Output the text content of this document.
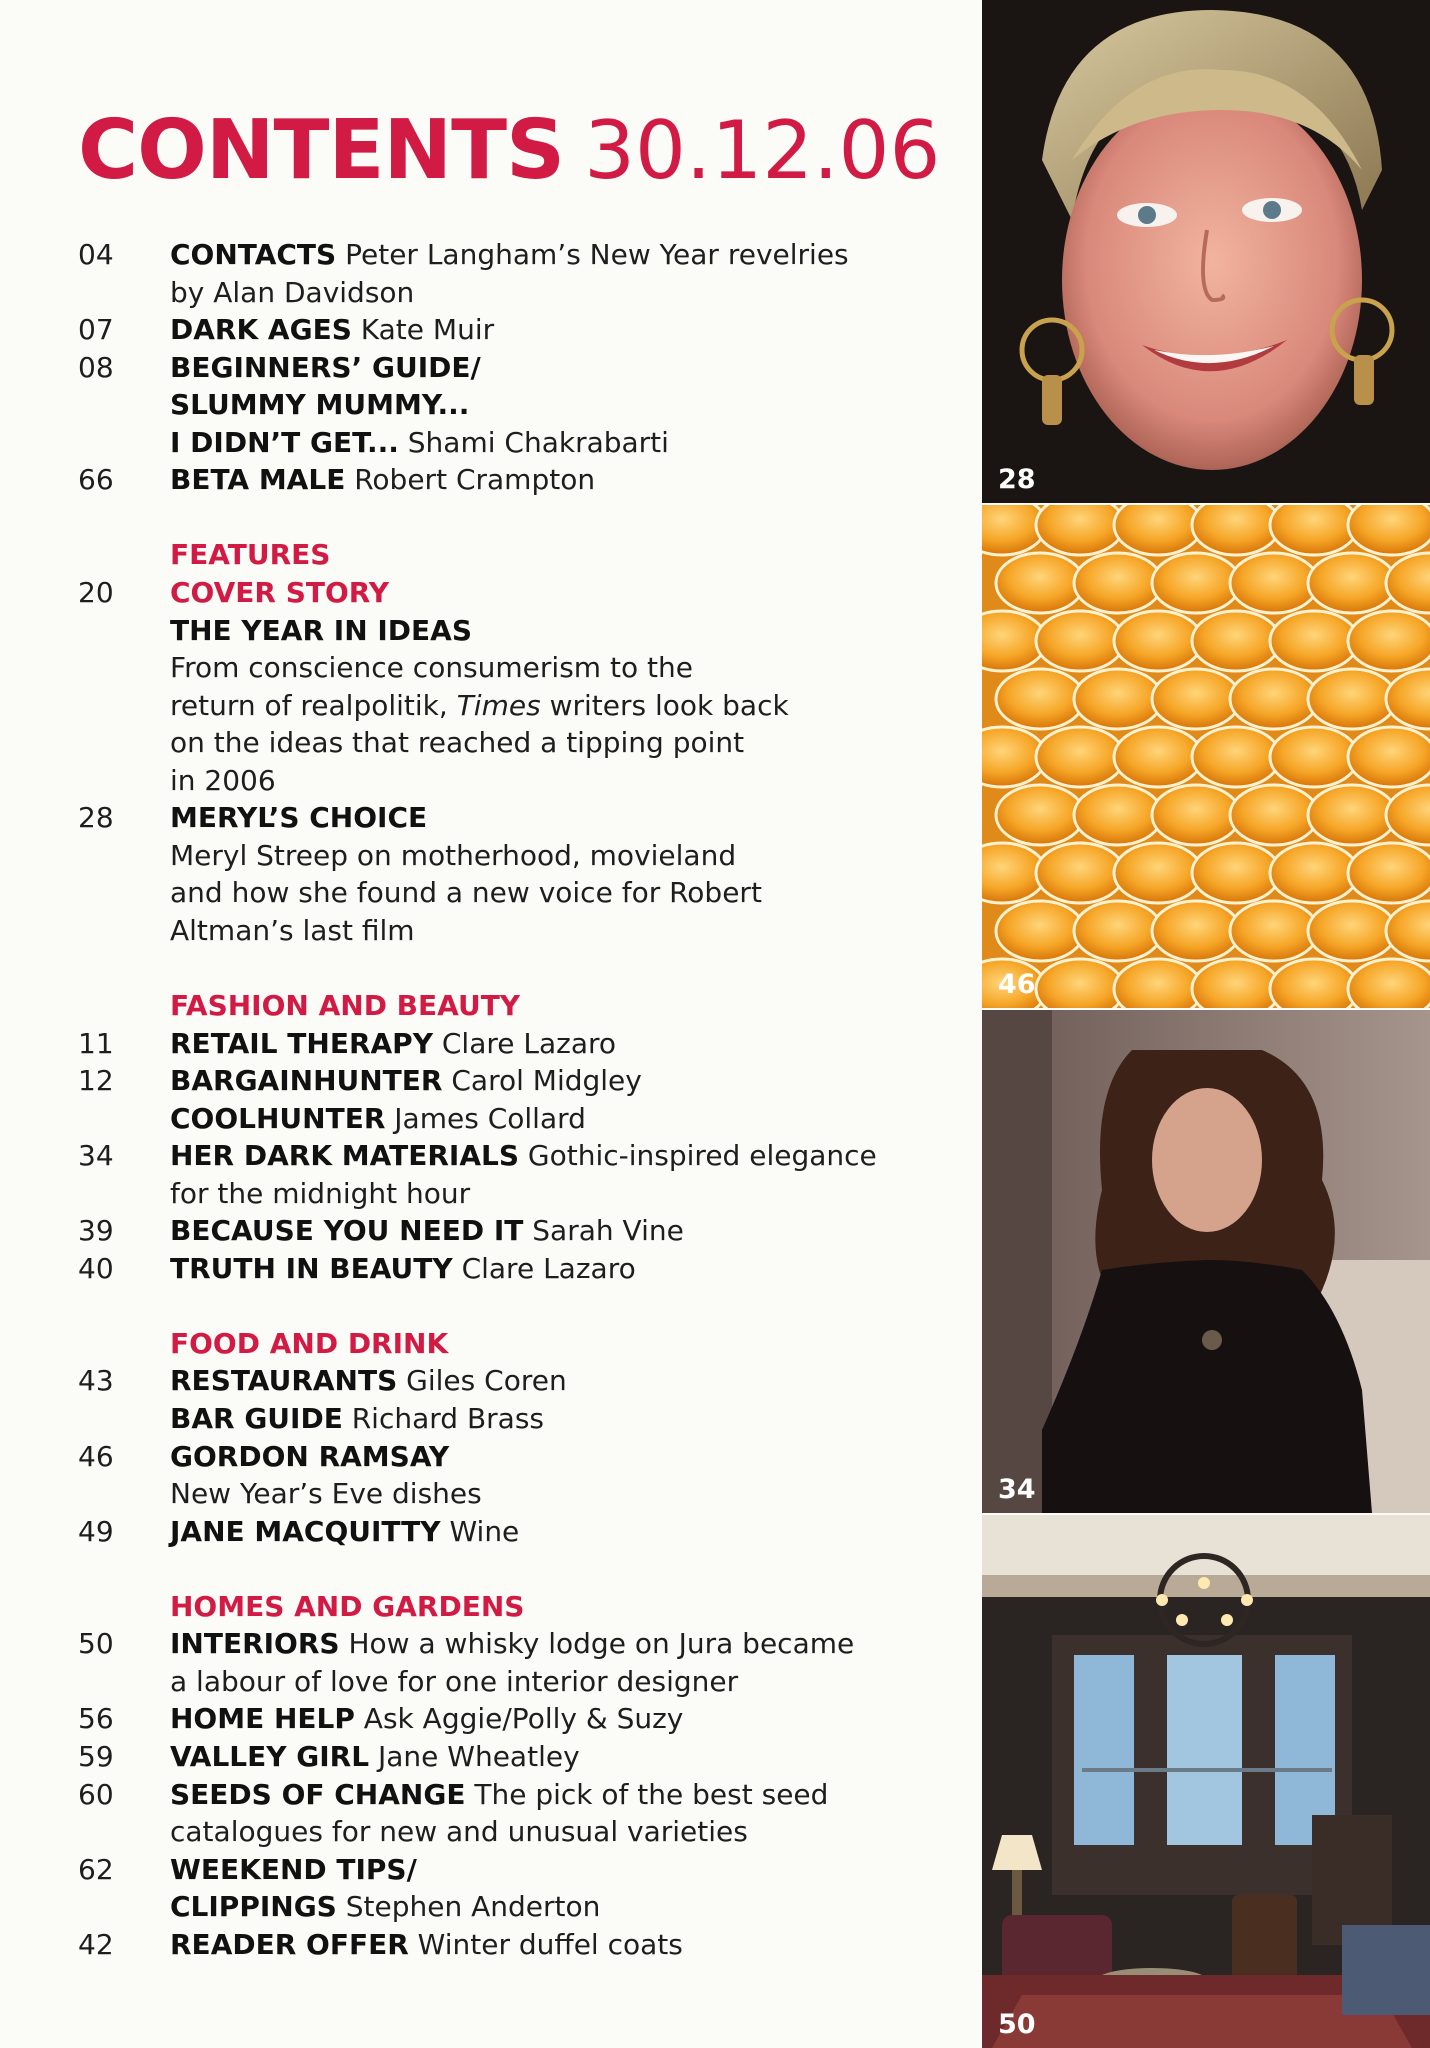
CONTENTS 30.12.06
04 CONTACTS Peter Langham’s New Year revelries
by Alan Davidson
07 DARK AGES Kate Muir
08 BEGINNERS’ GUIDE/
SLUMMY MUMMY...
I DIDN’T GET... Shami Chakrabarti
66 BETA MALE Robert Crampton
FEATURES
20 COVER STORY
THE YEAR IN IDEAS
From conscience consumerism to the
return of realpolitik, Times writers look back
on the ideas that reached a tipping point
in 2006
28 MERYL’S CHOICE
Meryl Streep on motherhood, movieland
and how she found a new voice for Robert
Altman’s last film
FASHION AND BEAUTY
11 RETAIL THERAPY Clare Lazaro
12 BARGAINHUNTER Carol Midgley
COOLHUNTER James Collard
34 HER DARK MATERIALS Gothic-inspired elegance
for the midnight hour
39 BECAUSE YOU NEED IT Sarah Vine
40 TRUTH IN BEAUTY Clare Lazaro
FOOD AND DRINK
43 RESTAURANTS Giles Coren
BAR GUIDE Richard Brass
46 GORDON RAMSAY
New Year’s Eve dishes
49 JANE MACQUITTY Wine
HOMES AND GARDENS
50 INTERIORS How a whisky lodge on Jura became
a labour of love for one interior designer
56 HOME HELP Ask Aggie/Polly & Suzy
59 VALLEY GIRL Jane Wheatley
60 SEEDS OF CHANGE The pick of the best seed
catalogues for new and unusual varieties
62 WEEKEND TIPS/
CLIPPINGS Stephen Anderton
42 READER OFFER Winter duffel coats
28
46
34
50
